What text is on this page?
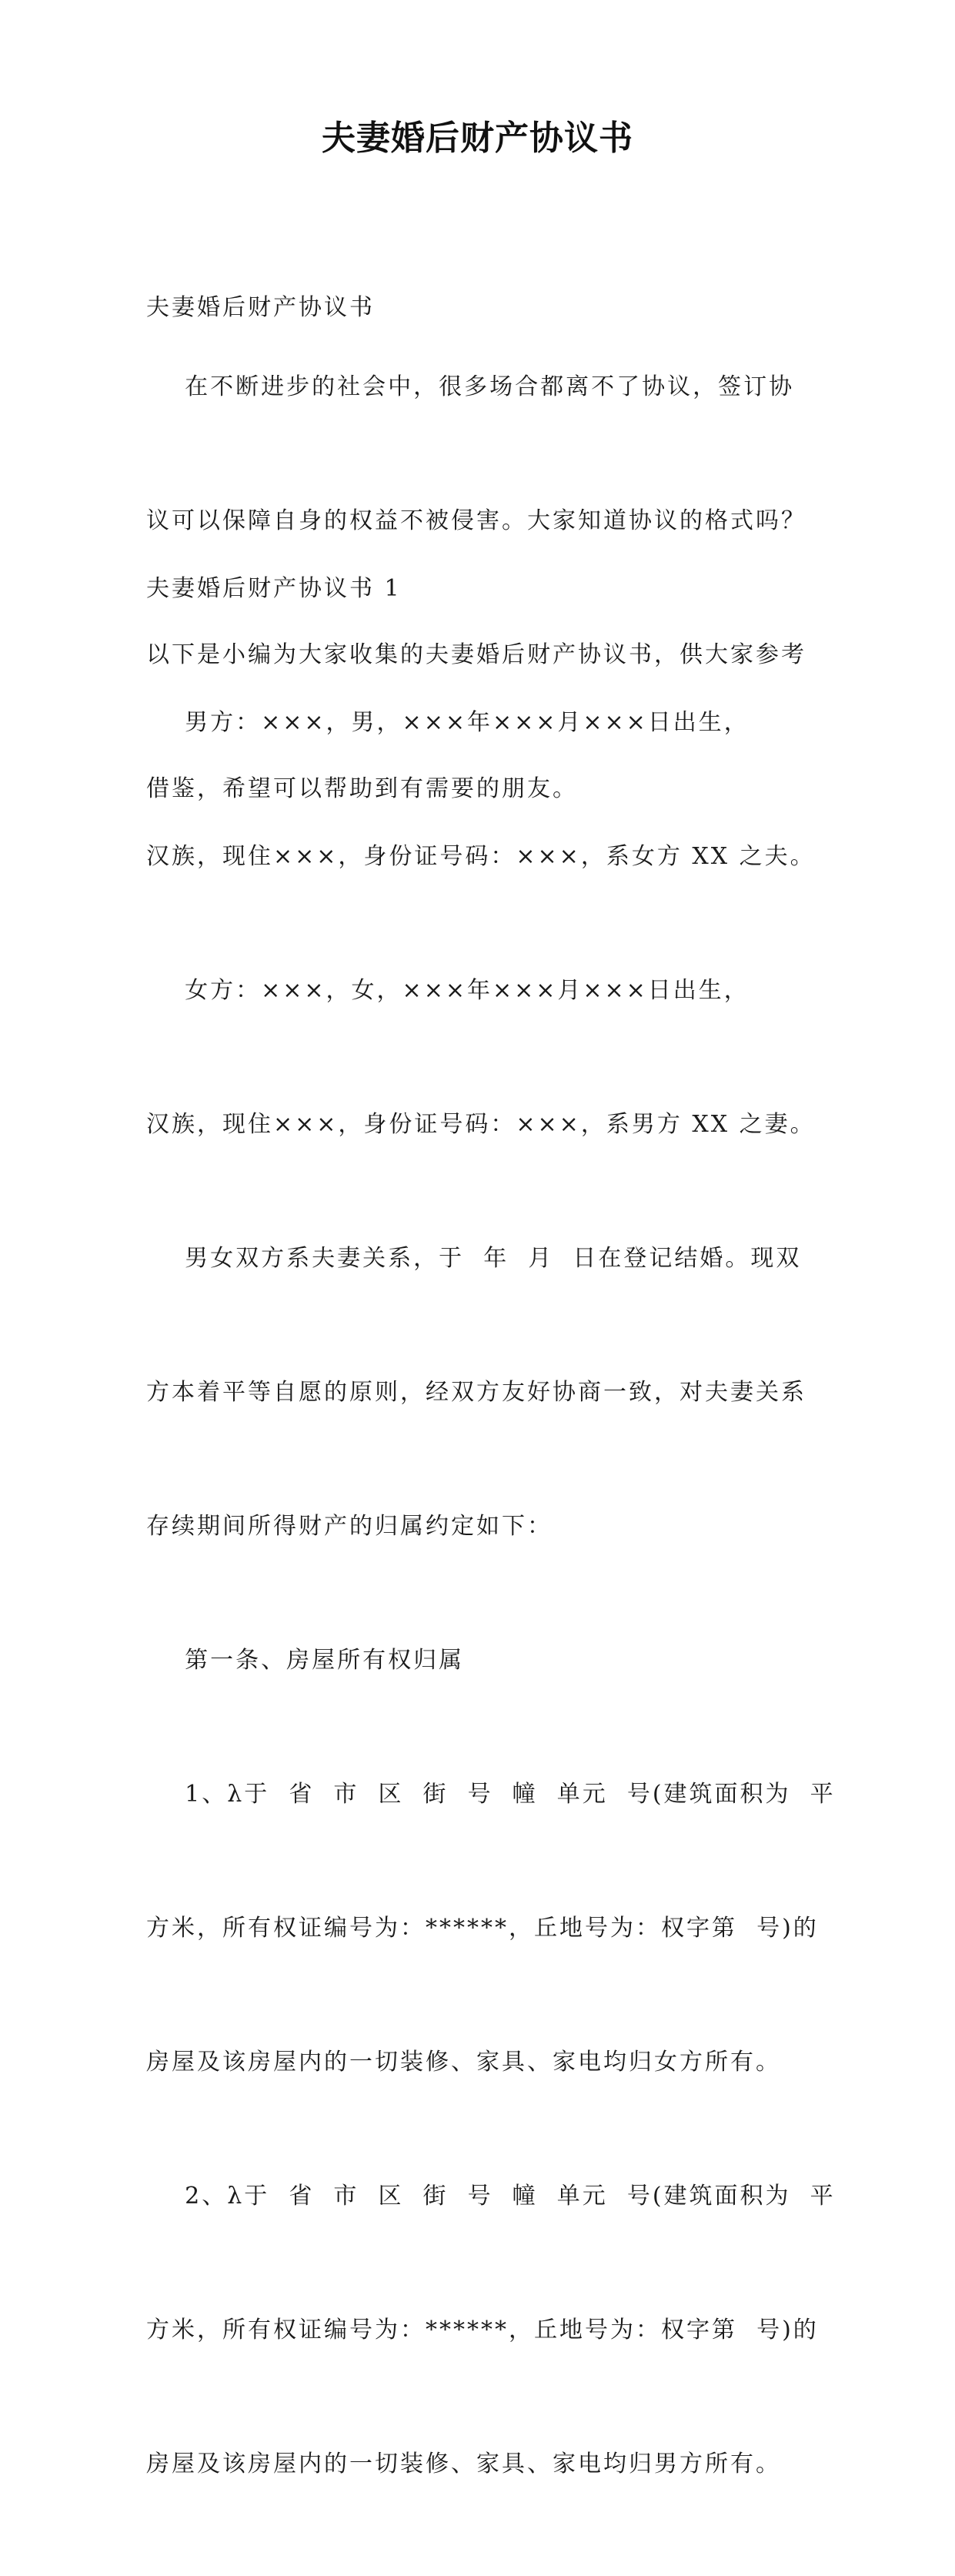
夫妻婚后财产协议书

夫妻婚后财产协议书

在不断进步的社会中，很多场合都离不了协议，签订协

议可以保障自身的权益不被侵害。大家知道协议的格式吗？

以下是小编为大家收集的夫妻婚后财产协议书，供大家参考

借鉴，希望可以帮助到有需要的朋友。

夫妻婚后财产协议书 1

男方：×××，男，×××年×××月×××日出生，

汉族，现住×××，身份证号码：×××，系女方 XX 之夫。

女方：×××，女，×××年×××月×××日出生，

汉族，现住×××，身份证号码：×××，系男方 XX 之妻。

男女双方系夫妻关系，于  年  月  日在登记结婚。现双

方本着平等自愿的原则，经双方友好协商一致，对夫妻关系

存续期间所得财产的归属约定如下：

第一条、房屋所有权归属

1、λ于  省  市  区  街  号  幢  单元  号(建筑面积为  平

方米，所有权证编号为：******，丘地号为：权字第  号)的

房屋及该房屋内的一切装修、家具、家电均归女方所有。

2、λ于  省  市  区  街  号  幢  单元  号(建筑面积为  平

方米，所有权证编号为：******，丘地号为：权字第  号)的

房屋及该房屋内的一切装修、家具、家电均归男方所有。
